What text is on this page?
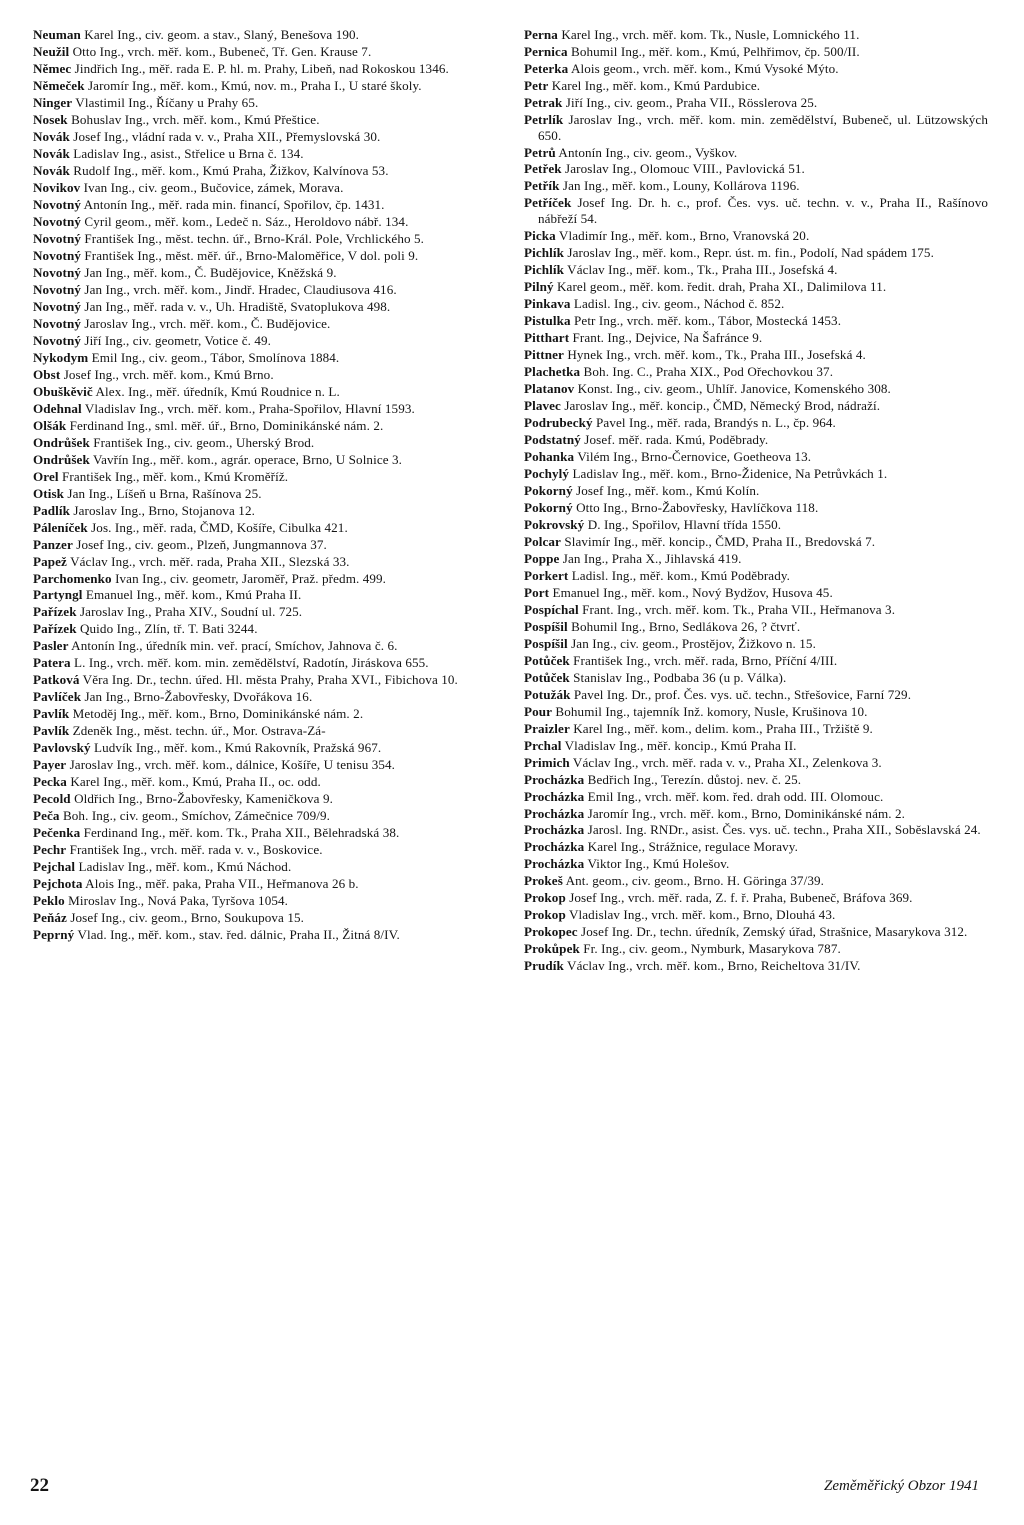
Neuman Karel Ing., civ. geom. a stav., Slaný, Benešova 190.
Neužil Otto Ing., vrch. měř. kom., Bubeneč, Tř. Gen. Krause 7.
Němec Jindřich Ing., měř. rada E. P. hl. m. Prahy, Libeň, nad Rokoskou 1346.
Němeček Jaromír Ing., měř. kom., Kmú, nov. m., Praha I., U staré školy.
Ninger Vlastimil Ing., Říčany u Prahy 65.
Nosek Bohuslav Ing., vrch. měř. kom., Kmú Přeštice.
Novák Josef Ing., vládní rada v. v., Praha XII., Přemyslovská 30.
Novák Ladislav Ing., asist., Střelice u Brna č. 134.
Novák Rudolf Ing., měř. kom., Kmú Praha, Žižkov, Kalvínova 53.
Novikov Ivan Ing., civ. geom., Bučovice, zámek, Morava.
Novotný Antonín Ing., měř. rada min. financí, Spořilov, čp. 1431.
Novotný Cyril geom., měř. kom., Ledeč n. Sáz., Heroldovo nábř. 134.
Novotný František Ing., měst. techn. úř., Brno-Král. Pole, Vrchlického 5.
Novotný František Ing., měst. měř. úř., Brno-Maloměřice, V dol. poli 9.
Novotný Jan Ing., měř. kom., Č. Budějovice, Kněžská 9.
Novotný Jan Ing., vrch. měř. kom., Jindř. Hradec, Claudiusova 416.
Novotný Jan Ing., měř. rada v. v., Uh. Hradiště, Svatoplukova 498.
Novotný Jaroslav Ing., vrch. měř. kom., Č. Budějovice.
Novotný Jiří Ing., civ. geometr, Votice č. 49.
Nykodym Emil Ing., civ. geom., Tábor, Smolínova 1884.
Obst Josef Ing., vrch. měř. kom., Kmú Brno.
Obuškěvič Alex. Ing., měř. úředník, Kmú Roudnice n. L.
Odehnal Vladislav Ing., vrch. měř. kom., Praha-Spořilov, Hlavní 1593.
Olšák Ferdinand Ing., sml. měř. úř., Brno, Dominikánské nám. 2.
Ondrůšek František Ing., civ. geom., Uherský Brod.
Ondrůšek Vavřín Ing., měř. kom., agrár. operace, Brno, U Solnice 3.
Orel František Ing., měř. kom., Kmú Kroměříž.
Otisk Jan Ing., Líšeň u Brna, Rašínova 25.
Padlík Jaroslav Ing., Brno, Stojanova 12.
Páleníček Jos. Ing., měř. rada, ČMD, Košíře, Cibulka 421.
Panzer Josef Ing., civ. geom., Plzeň, Jungmannova 37.
Papež Václav Ing., vrch. měř. rada, Praha XII., Slezská 33.
Parchomenko Ivan Ing., civ. geometr, Jaroměř, Praž. předm. 499.
Partyngl Emanuel Ing., měř. kom., Kmú Praha II.
Pařízek Jaroslav Ing., Praha XIV., Soudní ul. 725.
Pařízek Quido Ing., Zlín, tř. T. Bati 3244.
Pasler Antonín Ing., úředník min. veř. prací, Smíchov, Jahnova č. 6.
Patera L. Ing., vrch. měř. kom. min. zemědělství, Radotín, Jiráskova 655.
Patková Věra Ing. Dr., techn. úřed. Hl. města Prahy, Praha XVI., Fibichova 10.
Pavlíček Jan Ing., Brno-Žabovřesky, Dvořákova 16.
Pavlík Metoděj Ing., měř. kom., Brno, Dominikánské nám. 2.
Pavlík Zdeněk Ing., měst. techn. úř., Mor. Ostrava-Zá-
Pavlovský Ludvík Ing., měř. kom., Kmú Rakovník, Pražská 967.
Payer Jaroslav Ing., vrch. měř. kom., dálnice, Košíře, U tenisu 354.
Pecka Karel Ing., měř. kom., Kmú, Praha II., oc. odd.
Pecold Oldřich Ing., Brno-Žabovřesky, Kameničkova 9.
Peča Boh. Ing., civ. geom., Smíchov, Zámečnice 709/9.
Pečenka Ferdinand Ing., měř. kom. Tk., Praha XII., Bělehradská 38.
Pechr František Ing., vrch. měř. rada v. v., Boskovice.
Pejchal Ladislav Ing., měř. kom., Kmú Náchod.
Pejchota Alois Ing., měř. paka, Praha VII., Heřmanova 26 b.
Peklo Miroslav Ing., Nová Paka, Tyršova 1054.
Peňáz Josef Ing., civ. geom., Brno, Soukupova 15.
Peprný Vlad. Ing., měř. kom., stav. řed. dálnic, Praha II., Žitná 8/IV.
Perna Karel Ing., vrch. měř. kom. Tk., Nusle, Lomnického 11.
Pernica Bohumil Ing., měř. kom., Kmú, Pelhřimov, čp. 500/II.
Peterka Alois geom., vrch. měř. kom., Kmú Vysoké Mýto.
Petr Karel Ing., měř. kom., Kmú Pardubice.
Petrak Jiří Ing., civ. geom., Praha VII., Rösslerova 25.
Petrlík Jaroslav Ing., vrch. měř. kom. min. zemědělství, Bubeneč, ul. Lützowských 650.
Petrů Antonín Ing., civ. geom., Vyškov.
Petřek Jaroslav Ing., Olomouc VIII., Pavlovická 51.
Petřík Jan Ing., měř. kom., Louny, Kollárova 1196.
Petříček Josef Ing. Dr. h. c., prof. Čes. vys. uč. techn. v. v., Praha II., Rašínovo nábřeží 54.
Picka Vladimír Ing., měř. kom., Brno, Vranovská 20.
Pichlík Jaroslav Ing., měř. kom., Repr. úst. m. fin., Podolí, Nad spádem 175.
Pichlík Václav Ing., měř. kom., Tk., Praha III., Josefská 4.
Pilný Karel geom., měř. kom. ředit. drah, Praha XI., Dalimilova 11.
Pinkava Ladisl. Ing., civ. geom., Náchod č. 852.
Pistulka Petr Ing., vrch. měř. kom., Tábor, Mostecká 1453.
Pitthart Frant. Ing., Dejvice, Na Šafránce 9.
Pittner Hynek Ing., vrch. měř. kom., Tk., Praha III., Josefská 4.
Plachetka Boh. Ing. C., Praha XIX., Pod Ořechovkou 37.
Platanov Konst. Ing., civ. geom., Uhlíř. Janovice, Komenského 308.
Plavec Jaroslav Ing., měř. koncip., ČMD, Německý Brod, nádraží.
Podrubecký Pavel Ing., měř. rada, Brandýs n. L., čp. 964.
Podstatný Josef. měř. rada. Kmú, Poděbrady.
Pohanka Vilém Ing., Brno-Černovice, Goetheova 13.
Pochylý Ladislav Ing., měř. kom., Brno-Židenice, Na Petrůvkách 1.
Pokorný Josef Ing., měř. kom., Kmú Kolín.
Pokorný Otto Ing., Brno-Žabovřesky, Havlíčkova 118.
Pokrovský D. Ing., Spořilov, Hlavní třída 1550.
Polcar Slavimír Ing., měř. koncip., ČMD, Praha II., Bredovská 7.
Poppe Jan Ing., Praha X., Jihlavská 419.
Porkert Ladisl. Ing., měř. kom., Kmú Poděbrady.
Port Emanuel Ing., měř. kom., Nový Bydžov, Husova 45.
Pospíchal Frant. Ing., vrch. měř. kom. Tk., Praha VII., Heřmanova 3.
Pospíšil Bohumil Ing., Brno, Sedlákova 26, ? čtvrť.
Pospíšil Jan Ing., civ. geom., Prostějov, Žižkovo n. 15.
Potůček František Ing., vrch. měř. rada, Brno, Příční 4/III.
Potůček Stanislav Ing., Podbaba 36 (u p. Válka).
Potužák Pavel Ing. Dr., prof. Čes. vys. uč. techn., Střešovice, Farní 729.
Pour Bohumil Ing., tajemník Inž. komory, Nusle, Krušinova 10.
Praizler Karel Ing., měř. kom., delim. kom., Praha III., Tržiště 9.
Prchal Vladislav Ing., měř. koncip., Kmú Praha II.
Primich Václav Ing., vrch. měř. rada v. v., Praha XI., Zelenkova 3.
Procházka Bedřich Ing., Terezín. důstoj. nev. č. 25.
Procházka Emil Ing., vrch. měř. kom. řed. drah odd. III. Olomouc.
Procházka Jaromír Ing., vrch. měř. kom., Brno, Dominikánské nám. 2.
Procházka Jarosl. Ing. RNDr., asist. Čes. vys. uč. techn., Praha XII., Soběslavská 24.
Procházka Karel Ing., Strážnice, regulace Moravy.
Procházka Viktor Ing., Kmú Holešov.
Prokeš Ant. geom., civ. geom., Brno. H. Göringa 37/39.
Prokop Josef Ing., vrch. měř. rada, Z. f. ř. Praha, Bubeneč, Bráfova 369.
Prokop Vladislav Ing., vrch. měř. kom., Brno, Dlouhá 43.
Prokopec Josef Ing. Dr., techn. úředník, Zemský úřad, Strašnice, Masarykova 312.
Prokůpek Fr. Ing., civ. geom., Nymburk, Masarykova 787.
Prudík Václav Ing., vrch. měř. kom., Brno, Reicheltova 31/IV.
22	Zeměměřický Obzor 1941
